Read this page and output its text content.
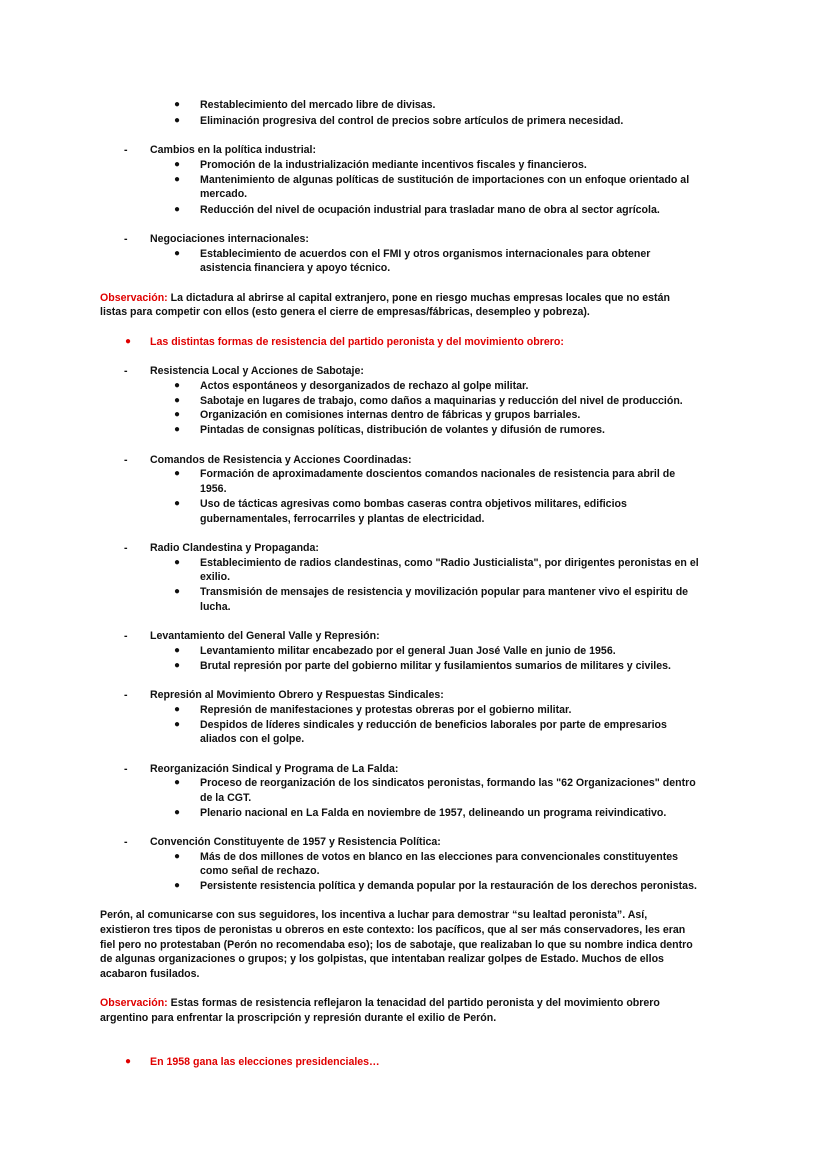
● Restablecimiento del mercado libre de divisas.
● Eliminación progresiva del control de precios sobre artículos de primera necesidad.
- Cambios en la política industrial:
● Promoción de la industrialización mediante incentivos fiscales y financieros.
● Mantenimiento de algunas políticas de sustitución de importaciones con un enfoque orientado al
mercado.
● Reducción del nivel de ocupación industrial para trasladar mano de obra al sector agrícola.
- Negociaciones internacionales:
● Establecimiento de acuerdos con el FMI y otros organismos internacionales para obtener
asistencia financiera y apoyo técnico.
Observación: La dictadura al abrirse al capital extranjero, pone en riesgo muchas empresas locales que no están
listas para competir con ellos (esto genera el cierre de empresas/fábricas, desempleo y pobreza).
● Las distintas formas de resistencia del partido peronista y del movimiento obrero:
- Resistencia Local y Acciones de Sabotaje:
● Actos espontáneos y desorganizados de rechazo al golpe militar.
● Sabotaje en lugares de trabajo, como daños a maquinarias y reducción del nivel de producción.
● Organización en comisiones internas dentro de fábricas y grupos barriales.
● Pintadas de consignas políticas, distribución de volantes y difusión de rumores.
- Comandos de Resistencia y Acciones Coordinadas:
● Formación de aproximadamente doscientos comandos nacionales de resistencia para abril de
1956.
● Uso de tácticas agresivas como bombas caseras contra objetivos militares, edificios
gubernamentales, ferrocarriles y plantas de electricidad.
- Radio Clandestina y Propaganda:
● Establecimiento de radios clandestinas, como "Radio Justicialista", por dirigentes peronistas en el
exilio.
● Transmisión de mensajes de resistencia y movilización popular para mantener vivo el espiritu de
lucha.
- Levantamiento del General Valle y Represión:
● Levantamiento militar encabezado por el general Juan José Valle en junio de 1956.
● Brutal represión por parte del gobierno militar y fusilamientos sumarios de militares y civiles.
- Represión al Movimiento Obrero y Respuestas Sindicales:
● Represión de manifestaciones y protestas obreras por el gobierno militar.
● Despidos de líderes sindicales y reducción de beneficios laborales por parte de empresarios
aliados con el golpe.
- Reorganización Sindical y Programa de La Falda:
● Proceso de reorganización de los sindicatos peronistas, formando las "62 Organizaciones" dentro
de la CGT.
● Plenario nacional en La Falda en noviembre de 1957, delineando un programa reivindicativo.
- Convención Constituyente de 1957 y Resistencia Política:
● Más de dos millones de votos en blanco en las elecciones para convencionales constituyentes
como señal de rechazo.
● Persistente resistencia política y demanda popular por la restauración de los derechos peronistas.
Perón, al comunicarse con sus seguidores, los incentiva a luchar para demostrar “su lealtad peronista”. Así,
existieron tres tipos de peronistas u obreros en este contexto: los pacíficos, que al ser más conservadores, les eran
fiel pero no protestaban (Perón no recomendaba eso); los de sabotaje, que realizaban lo que su nombre indica dentro
de algunas organizaciones o grupos; y los golpistas, que intentaban realizar golpes de Estado. Muchos de ellos
acabaron fusilados.
Observación: Estas formas de resistencia reflejaron la tenacidad del partido peronista y del movimiento obrero
argentino para enfrentar la proscripción y represión durante el exilio de Perón.
● En 1958 gana las elecciones presidenciales…
